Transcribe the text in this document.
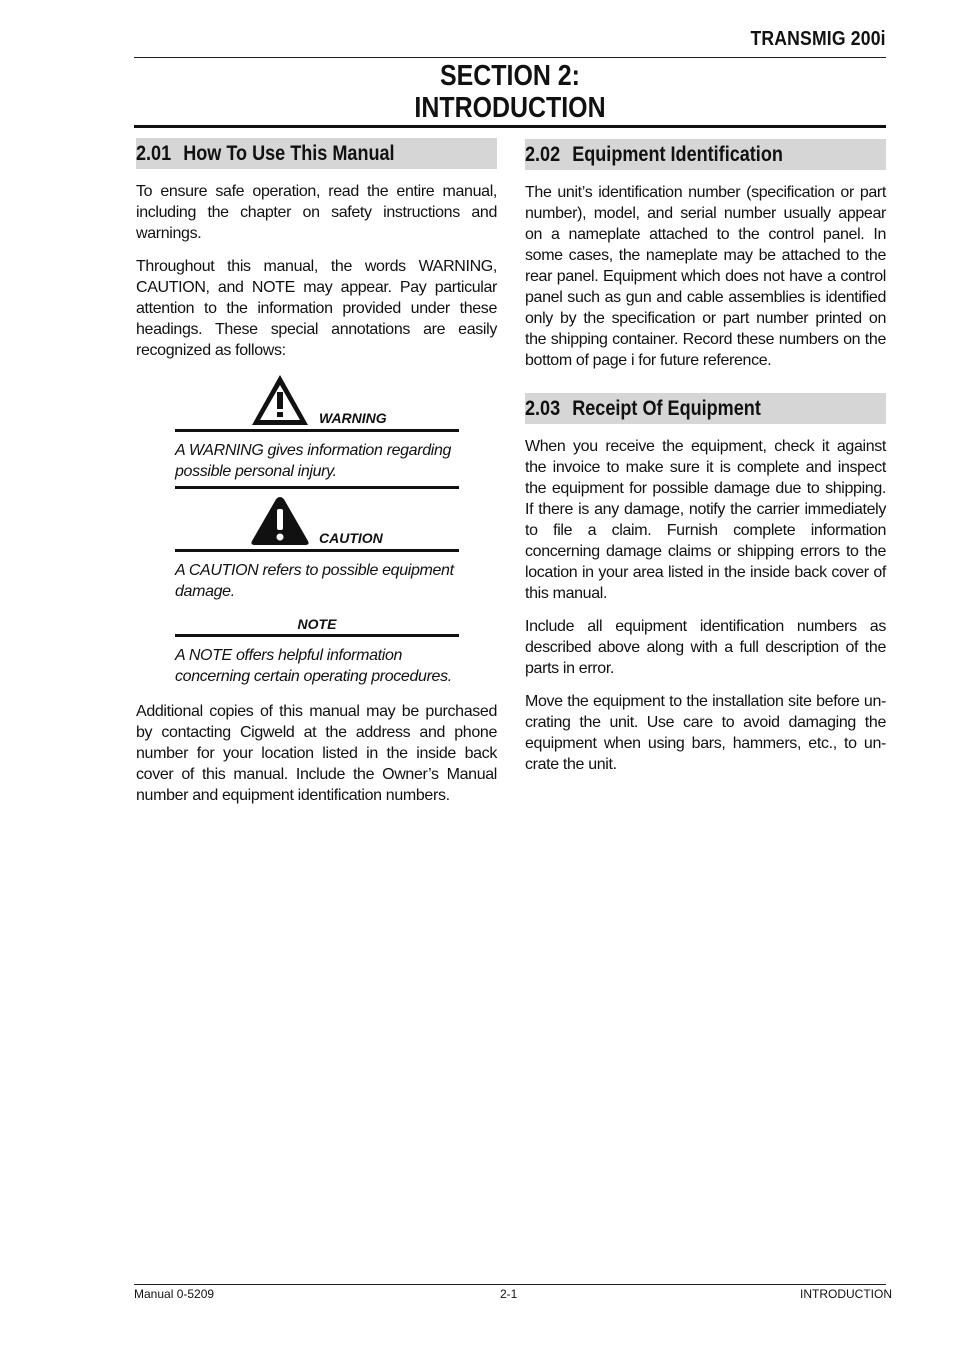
TRANSMIG 200i
SECTION 2:
INTRODUCTION
2.01 How To Use This Manual

To ensure safe operation, read the entire manual, including the chapter on safety instructions and warnings.

Throughout this manual, the words WARNING, CAUTION, and NOTE may appear. Pay particular attention to the information provided under these headings. These special annotations are easily recognized as follows:

WARNING

A WARNING gives information regarding possible personal injury.

CAUTION

A CAUTION refers to possible equipment damage.

NOTE

A NOTE offers helpful information concerning certain operating procedures.

Additional copies of this manual may be purchased by contacting Cigweld at the address and phone number for your location listed in the inside back cover of this manual. Include the Owner’s Manual number and equipment identification numbers.

2.02 Equipment Identification

The unit’s identification number (specification or part number), model, and serial number usually appear on a nameplate attached to the control panel. In some cases, the nameplate may be attached to the rear panel. Equipment which does not have a control panel such as gun and cable assemblies is identified only by the specification or part number printed on the shipping container. Record these numbers on the bottom of page i for future reference.

2.03 Receipt Of Equipment

When you receive the equipment, check it against the invoice to make sure it is complete and inspect the equipment for possible damage due to shipping. If there is any damage, notify the carrier immediately to file a claim. Furnish complete information concerning damage claims or shipping errors to the location in your area listed in the inside back cover of this manual.

Include all equipment identification numbers as described above along with a full description of the parts in error.

Move the equipment to the installation site before un-crating the unit. Use care to avoid damaging the equipment when using bars, hammers, etc., to un-crate the unit.

Manual 0-5209	2-1	INTRODUCTION
